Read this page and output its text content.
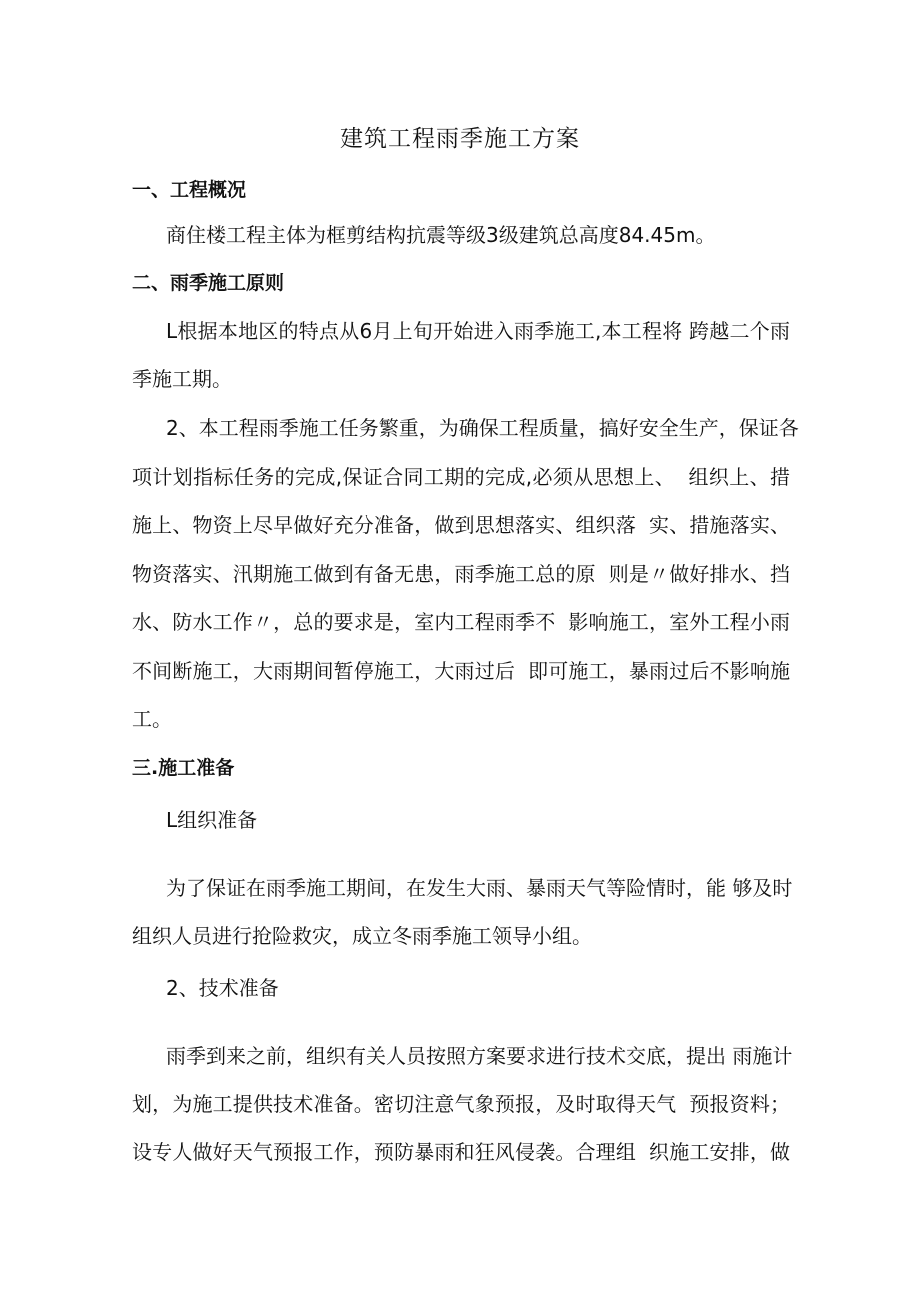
建筑工程雨季施工方案
一、工程概况
商住楼工程主体为框剪结构抗震等级3级建筑总高度84.45m。
二、雨季施工原则
L根据本地区的特点从6月上旬开始进入雨季施工,本工程将 跨越二个雨
季施工期。
2、本工程雨季施工任务繁重，为确保工程质量，搞好安全生产，保证各
项计划指标任务的完成,保证合同工期的完成,必须从思想上、  组织上、措
施上、物资上尽早做好充分准备，做到思想落实、组织落  实、措施落实、
物资落实、汛期施工做到有备无患，雨季施工总的原  则是〃做好排水、挡
水、防水工作〃，总的要求是，室内工程雨季不  影响施工，室外工程小雨
不间断施工，大雨期间暂停施工，大雨过后  即可施工，暴雨过后不影响施
工。
三.施工准备
L组织准备
为了保证在雨季施工期间，在发生大雨、暴雨天气等险情时，能 够及时
组织人员进行抢险救灾，成立冬雨季施工领导小组。
2、技术准备
雨季到来之前，组织有关人员按照方案要求进行技术交底，提出 雨施计
划，为施工提供技术准备。密切注意气象预报，及时取得天气  预报资料；
设专人做好天气预报工作，预防暴雨和狂风侵袭。合理组  织施工安排，做
